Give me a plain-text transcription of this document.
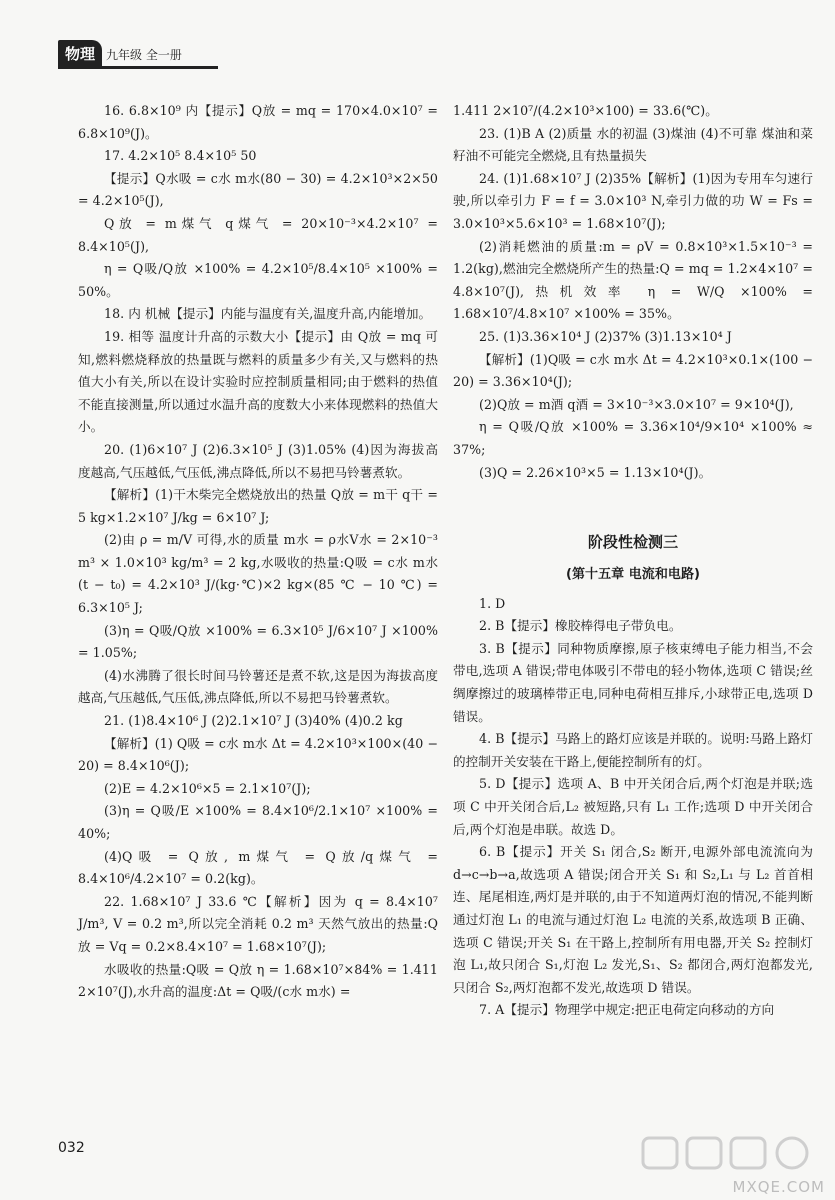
物理 九年级 全一册

16. 6.8×10⁹ 内【提示】Q放 = mq = 170×4.0×10⁷ = 6.8×10⁹(J)。

17. 4.2×10⁵ 8.4×10⁵ 50

【提示】Q水吸 = c水 m水(80 − 30) = 4.2×10³×2×50 = 4.2×10⁵(J),

Q放 = m煤气 q煤气 = 20×10⁻³×4.2×10⁷ = 8.4×10⁵(J),

η = Q吸/Q放 ×100% = 4.2×10⁵/8.4×10⁵ ×100% = 50%。

18. 内 机械【提示】内能与温度有关,温度升高,内能增加。

19. 相等 温度计升高的示数大小【提示】由 Q放 = mq 可知,燃料燃烧释放的热量既与燃料的质量多少有关,又与燃料的热值大小有关,所以在设计实验时应控制质量相同;由于燃料的热值不能直接测量,所以通过水温升高的度数大小来体现燃料的热值大小。

20. (1)6×10⁷ J (2)6.3×10⁵ J (3)1.05% (4)因为海拔高度越高,气压越低,气压低,沸点降低,所以不易把马铃薯煮软。

【解析】(1)干木柴完全燃烧放出的热量 Q放 = m干 q干 = 5 kg×1.2×10⁷ J/kg = 6×10⁷ J;

(2)由 ρ = m/V 可得,水的质量 m水 = ρ水V水 = 2×10⁻³ m³ × 1.0×10³ kg/m³ = 2 kg,水吸收的热量:Q吸 = c水 m水(t − t₀) = 4.2×10³ J/(kg·℃)×2 kg×(85 ℃ − 10 ℃) = 6.3×10⁵ J;

(3)η = Q吸/Q放 ×100% = 6.3×10⁵ J/6×10⁷ J ×100% = 1.05%;

(4)水沸腾了很长时间马铃薯还是煮不软,这是因为海拔高度越高,气压越低,气压低,沸点降低,所以不易把马铃薯煮软。

21. (1)8.4×10⁶ J (2)2.1×10⁷ J (3)40% (4)0.2 kg

【解析】(1) Q吸 = c水 m水 Δt = 4.2×10³×100×(40 − 20) = 8.4×10⁶(J);

(2)E = 4.2×10⁶×5 = 2.1×10⁷(J);

(3)η = Q吸/E ×100% = 8.4×10⁶/2.1×10⁷ ×100% = 40%;

(4)Q吸 = Q放, m煤气 = Q放/q煤气 = 8.4×10⁶/4.2×10⁷ = 0.2(kg)。

22. 1.68×10⁷ J 33.6 ℃【解析】因为 q = 8.4×10⁷ J/m³, V = 0.2 m³,所以完全消耗 0.2 m³ 天然气放出的热量:Q放 = Vq = 0.2×8.4×10⁷ = 1.68×10⁷(J);

水吸收的热量:Q吸 = Q放 η = 1.68×10⁷×84% = 1.411 2×10⁷(J),水升高的温度:Δt = Q吸/(c水 m水) =

1.411 2×10⁷/(4.2×10³×100) = 33.6(℃)。

23. (1)B A (2)质量 水的初温 (3)煤油 (4)不可靠 煤油和菜籽油不可能完全燃烧,且有热量损失

24. (1)1.68×10⁷ J (2)35%【解析】(1)因为专用车匀速行驶,所以牵引力 F = f = 3.0×10³ N,牵引力做的功 W = Fs = 3.0×10³×5.6×10³ = 1.68×10⁷(J);

(2)消耗燃油的质量:m = ρV = 0.8×10³×1.5×10⁻³ = 1.2(kg),燃油完全燃烧所产生的热量:Q = mq = 1.2×4×10⁷ = 4.8×10⁷(J),热机效率 η = W/Q ×100% = 1.68×10⁷/4.8×10⁷ ×100% = 35%。

25. (1)3.36×10⁴ J (2)37% (3)1.13×10⁴ J

【解析】(1)Q吸 = c水 m水 Δt = 4.2×10³×0.1×(100 − 20) = 3.36×10⁴(J);

(2)Q放 = m酒 q酒 = 3×10⁻³×3.0×10⁷ = 9×10⁴(J),

η = Q吸/Q放 ×100% = 3.36×10⁴/9×10⁴ ×100% ≈ 37%;

(3)Q = 2.26×10³×5 = 1.13×10⁴(J)。

阶段性检测三
(第十五章 电流和电路)

1. D

2. B【提示】橡胶棒得电子带负电。

3. B【提示】同种物质摩擦,原子核束缚电子能力相当,不会带电,选项 A 错误;带电体吸引不带电的轻小物体,选项 C 错误;丝绸摩擦过的玻璃棒带正电,同种电荷相互排斥,小球带正电,选项 D 错误。

4. B【提示】马路上的路灯应该是并联的。说明:马路上路灯的控制开关安装在干路上,便能控制所有的灯。

5. D【提示】选项 A、B 中开关闭合后,两个灯泡是并联;选项 C 中开关闭合后,L₂ 被短路,只有 L₁ 工作;选项 D 中开关闭合后,两个灯泡是串联。故选 D。

6. B【提示】开关 S₁ 闭合,S₂ 断开,电源外部电流流向为 d→c→b→a,故选项 A 错误;闭合开关 S₁ 和 S₂,L₁ 与 L₂ 首首相连、尾尾相连,两灯是并联的,由于不知道两灯泡的情况,不能判断通过灯泡 L₁ 的电流与通过灯泡 L₂ 电流的关系,故选项 B 正确、选项 C 错误;开关 S₁ 在干路上,控制所有用电器,开关 S₂ 控制灯泡 L₁,故只闭合 S₁,灯泡 L₂ 发光,S₁、S₂ 都闭合,两灯泡都发光,只闭合 S₂,两灯泡都不发光,故选项 D 错误。

7. A【提示】物理学中规定:把正电荷定向移动的方向

032
MXQE.COM
